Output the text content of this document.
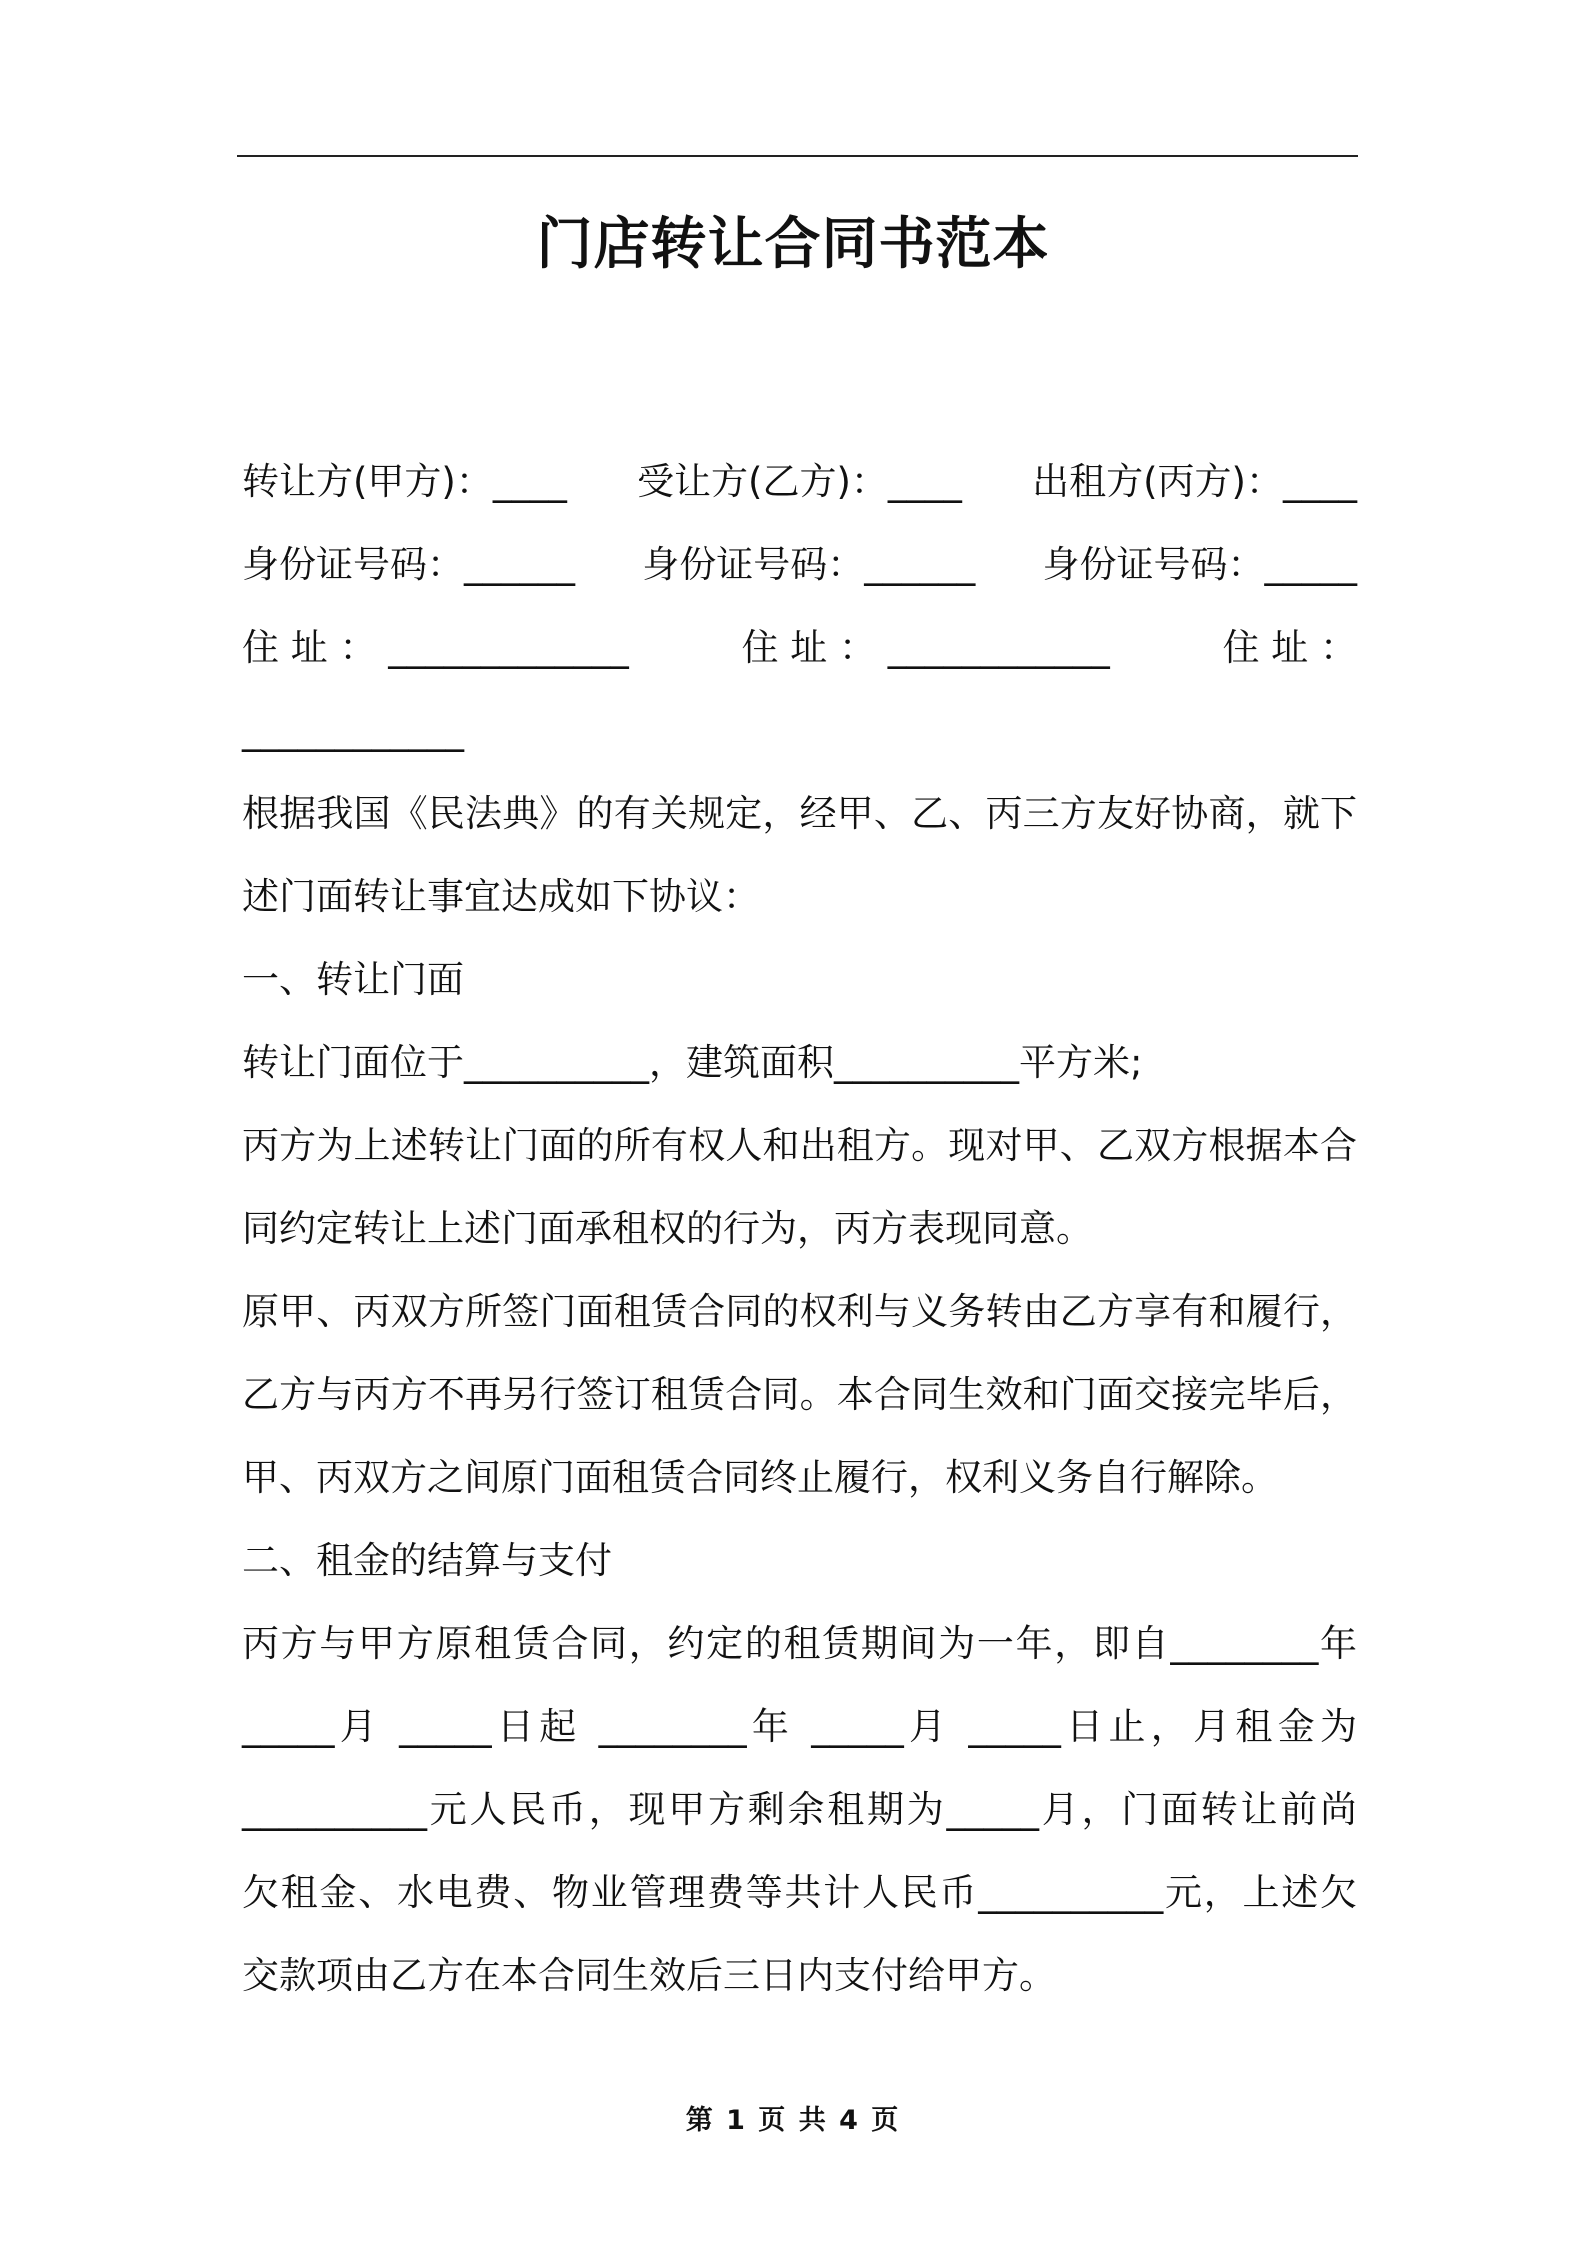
门店转让合同书范本
转让方(甲方)：____ 受让方(乙方)：____ 出租方(丙方)：____
身份证号码：______ 身份证号码：______ 身份证号码：_____
住 址 ： _____________	住 址 ： ____________	住 址 ：
____________
根据我国《民法典》的有关规定，经甲、乙、丙三方友好协商，就下
述门面转让事宜达成如下协议：
一、转让门面
转让门面位于__________，建筑面积__________平方米;
丙方为上述转让门面的所有权人和出租方。现对甲、乙双方根据本合
同约定转让上述门面承租权的行为，丙方表现同意。
原甲、丙双方所签门面租赁合同的权利与义务转由乙方享有和履行，
乙方与丙方不再另行签订租赁合同。本合同生效和门面交接完毕后，
甲、丙双方之间原门面租赁合同终止履行，权利义务自行解除。
二、租金的结算与支付
丙方与甲方原租赁合同，约定的租赁期间为一年，即自________年
_____月 _____日起 ________年 _____月 _____日止，月租金为
__________元人民币，现甲方剩余租期为_____月，门面转让前尚
欠租金、水电费、物业管理费等共计人民币__________元，上述欠
交款项由乙方在本合同生效后三日内支付给甲方。
第 1 页 共 4 页
